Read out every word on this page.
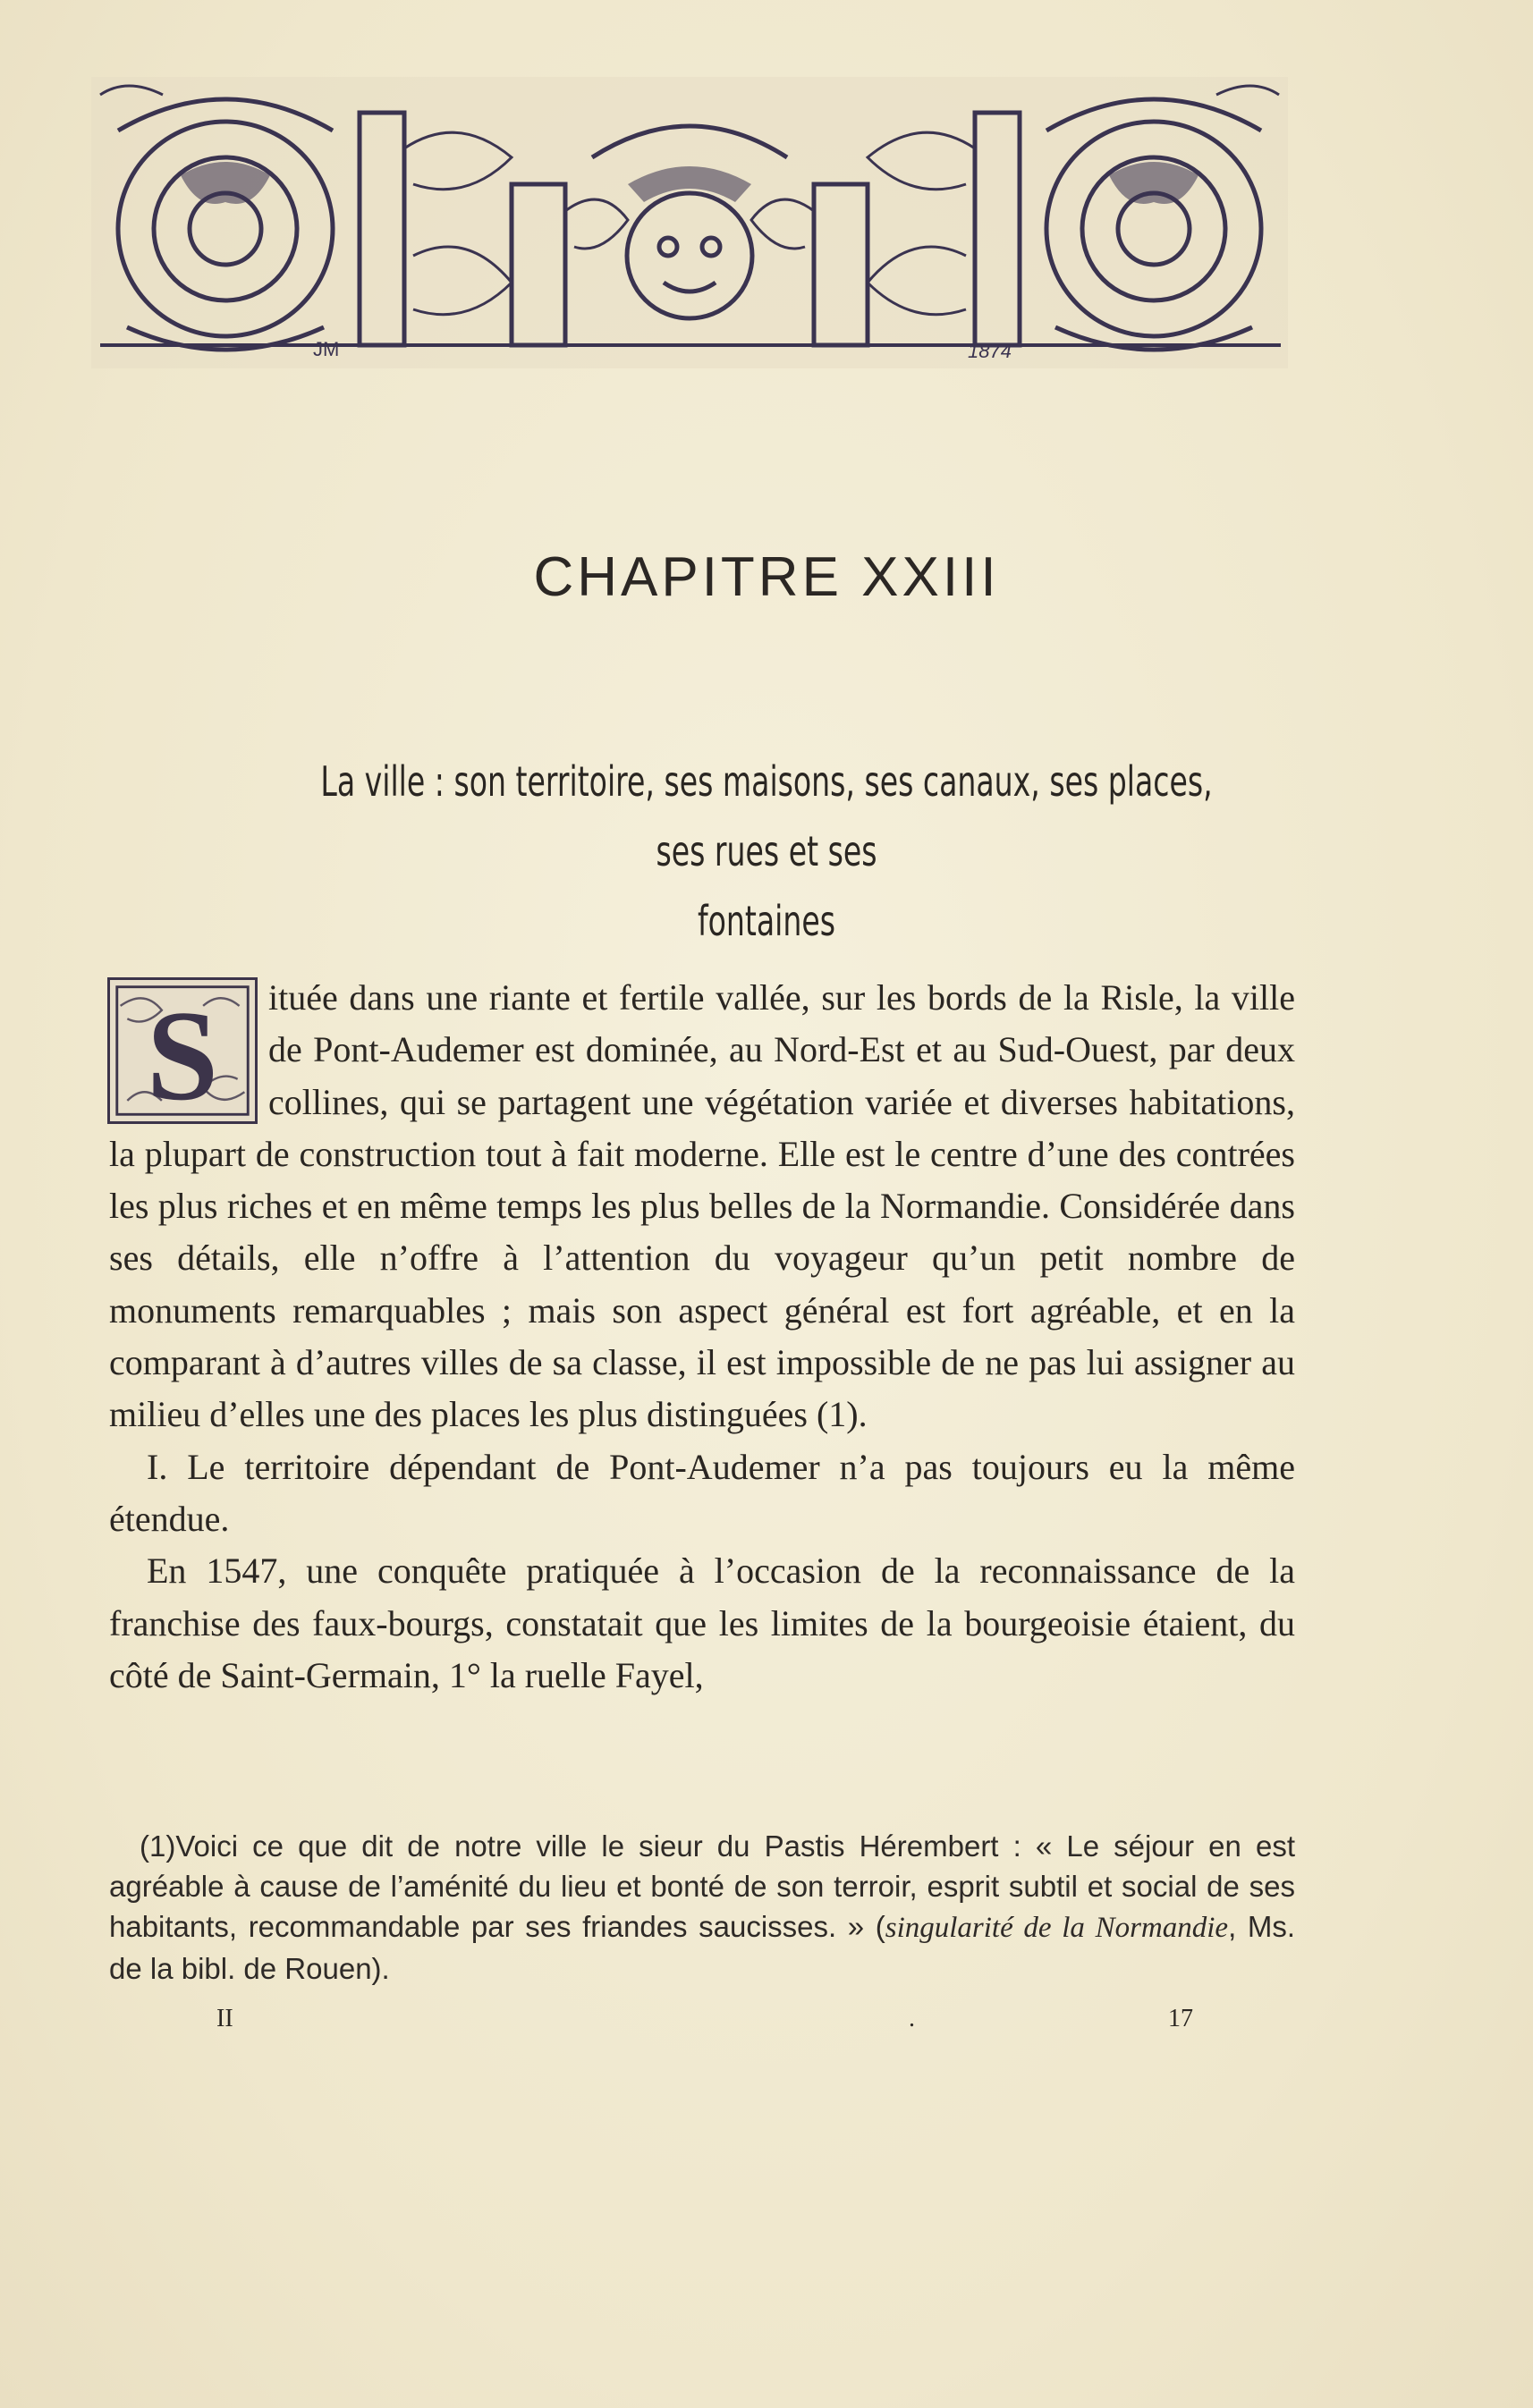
JM	1874
CHAPITRE XXIII
La ville : son territoire, ses maisons, ses canaux, ses places, ses rues et ses
fontaines
S	ituée dans une riante et fertile vallée, sur les bords de la Risle, la ville de Pont-Audemer est dominée, au Nord-Est et au Sud-Ouest, par deux collines, qui se partagent une végétation variée et diverses habitations, la plupart de construction tout à fait moderne. Elle est le centre d’une des contrées les plus riches et en même temps les plus belles de la Normandie. Considérée dans ses détails, elle n’offre à l’attention du voyageur qu’un petit nombre de monuments remarquables ; mais son aspect général est fort agréable, et en la comparant à d’autres villes de sa classe, il est impossible de ne pas lui assigner au milieu d’elles une des places les plus distinguées (1).

I. Le territoire dépendant de Pont-Audemer n’a pas toujours eu la même étendue.

En 1547, une conquête pratiquée à l’occasion de la reconnaissance de la franchise des faux-bourgs, constatait que les limites de la bourgeoisie étaient, du côté de Saint-Germain, 1° la ruelle Fayel,

(1)Voici ce que dit de notre ville le sieur du Pastis Hérembert : « Le séjour en est agréable à cause de l’aménité du lieu et bonté de son terroir, esprit subtil et social de ses habitants, recommandable par ses friandes saucisses. » (singularité de la Normandie, Ms. de la bibl. de Rouen).
II	.	17
